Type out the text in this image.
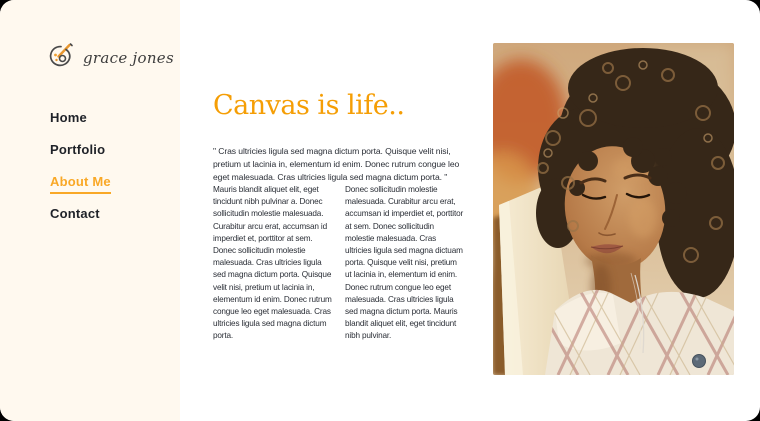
grace jones
Home
Portfolio
About Me
Contact
Canvas is life..

" Cras ultricies ligula sed magna dictum porta. Quisque velit nisi, pretium ut lacinia in, elementum id enim. Donec rutrum congue leo eget malesuada. Cras ultricies ligula sed magna dictum porta. "

Mauris blandit aliquet elit, eget tincidunt nibh pulvinar a. Donec sollicitudin molestie malesuada. Curabitur arcu erat, accumsan id imperdiet et, porttitor at sem. Donec sollicitudin molestie malesuada. Cras ultricies ligula sed magna dictum porta. Quisque velit nisi, pretium ut lacinia in, elementum id enim. Donec rutrum congue leo eget malesuada. Cras ultricies ligula sed magna dictum porta.
Donec sollicitudin molestie malesuada. Curabitur arcu erat, accumsan id imperdiet et, porttitor at sem. Donec sollicitudin molestie malesuada. Cras ultricies ligula sed magna dictuam porta. Quisque velit nisi, pretium ut lacinia in, elementum id enim. Donec rutrum congue leo eget malesuada. Cras ultricies ligula sed magna dictum porta. Mauris blandit aliquet elit, eget tincidunt nibh pulvinar.
